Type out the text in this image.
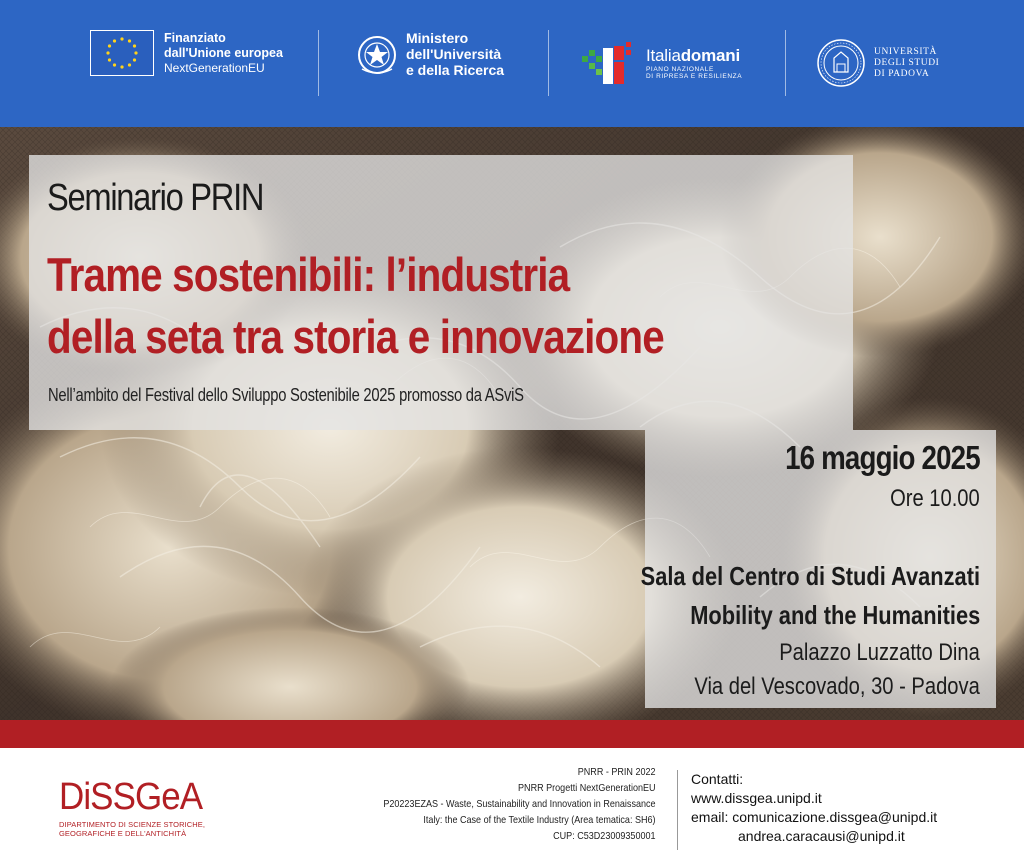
Finanziato
dall'Unione europea
NextGenerationEU
Ministero
dell'Università
e della Ricerca
Italiadomani
PIANO NAZIONALE
DI RIPRESA E RESILIENZA
UNIVERSITÀ
DEGLI STUDI
DI PADOVA
Seminario PRIN
Trame sostenibili: l’industria
della seta tra storia e innovazione
Nell’ambito del Festival dello Sviluppo Sostenibile 2025 promosso da ASviS
16 maggio 2025
Ore 10.00
Sala del Centro di Studi Avanzati
Mobility and the Humanities
Palazzo Luzzatto Dina
Via del Vescovado, 30 - Padova
DiSSGeA
DIPARTIMENTO DI SCIENZE STORICHE,
GEOGRAFICHE E DELL'ANTICHITÀ
PNRR - PRIN 2022
PNRR Progetti NextGenerationEU
P20223EZAS - Waste, Sustainability and Innovation in Renaissance
Italy: the Case of the Textile Industry (Area tematica: SH6)
CUP: C53D23009350001
Contatti:
www.dissgea.unipd.it
email: comunicazione.dissgea@unipd.it
andrea.caracausi@unipd.it
